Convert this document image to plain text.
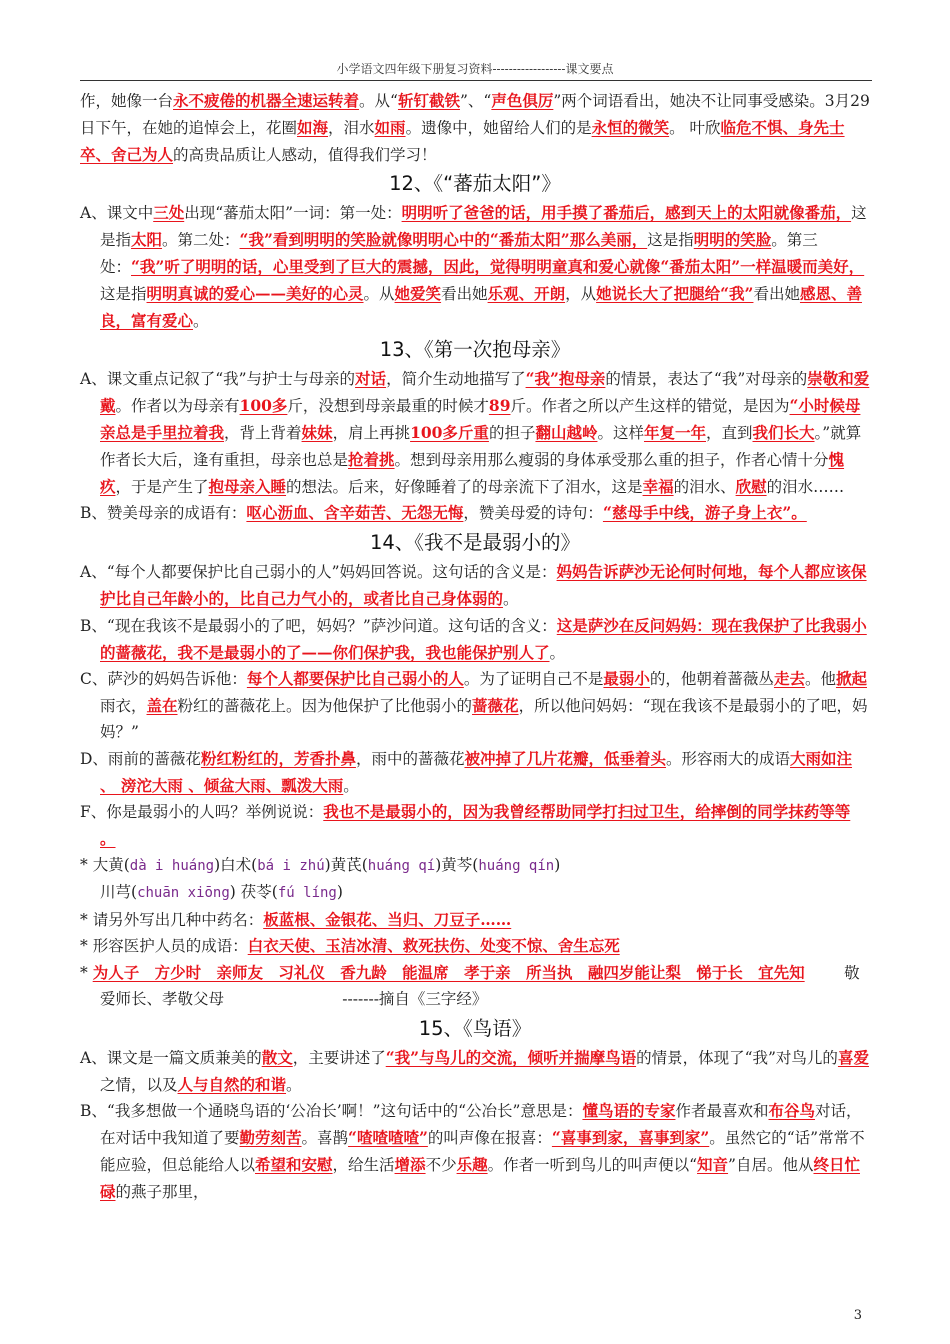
小学语文四年级下册复习资料------------------课文要点

作，她像一台永不疲倦的机器全速运转着。从“斩钉截铁”、“声色俱厉”两个词语看出，她决不让同事受感染。3月29日下午，在她的追悼会上，花圈如海，泪水如雨。遗像中，她留给人们的是永恒的微笑。 叶欣临危不惧、身先士卒、舍己为人的高贵品质让人感动，值得我们学习！

12、《“蕃茄太阳”》

A、课文中三处出现“蕃茄太阳”一词：第一处：明明听了爸爸的话，用手摸了番茄后，感到天上的太阳就像番茄，这是指太阳。第二处：“我”看到明明的笑脸就像明明心中的“番茄太阳”那么美丽，这是指明明的笑脸。第三处：“我”听了明明的话，心里受到了巨大的震撼，因此，觉得明明童真和爱心就像“番茄太阳”一样温暖而美好，这是指明明真诚的爱心——美好的心灵。从她爱笑看出她乐观、开朗，从她说长大了把腿给“我”看出她感恩、善良，富有爱心。

13、《第一次抱母亲》

A、课文重点记叙了“我”与护士与母亲的对话，简介生动地描写了“我”抱母亲的情景，表达了“我”对母亲的崇敬和爱戴。作者以为母亲有100多斤，没想到母亲最重的时候才89斤。作者之所以产生这样的错觉，是因为“小时候母亲总是手里拉着我，背上背着妹妹，肩上再挑100多斤重的担子翻山越岭。这样年复一年，直到我们长大。”就算作者长大后，逢有重担，母亲也总是抢着挑。想到母亲用那么瘦弱的身体承受那么重的担子，作者心情十分愧疚，于是产生了抱母亲入睡的想法。后来，好像睡着了的母亲流下了泪水，这是幸福的泪水、欣慰的泪水……

B、赞美母亲的成语有：呕心沥血、含辛茹苦、无怨无悔，赞美母爱的诗句：“慈母手中线，游子身上衣”。

14、《我不是最弱小的》

A、“每个人都要保护比自己弱小的人”妈妈回答说。这句话的含义是：妈妈告诉萨沙无论何时何地，每个人都应该保护比自己年龄小的，比自己力气小的，或者比自己身体弱的。

B、“现在我该不是最弱小的了吧，妈妈？”萨沙问道。这句话的含义：这是萨沙在反问妈妈：现在我保护了比我弱小的蔷薇花，我不是最弱小的了——你们保护我，我也能保护别人了。

C、萨沙的妈妈告诉他：每个人都要保护比自己弱小的人。为了证明自己不是最弱小的，他朝着蔷薇丛走去。他掀起雨衣，盖在粉红的蔷薇花上。因为他保护了比他弱小的蔷薇花，所以他问妈妈：“现在我该不是最弱小的了吧，妈妈？”

D、雨前的蔷薇花粉红粉红的，芳香扑鼻，雨中的蔷薇花被冲掉了几片花瓣，低垂着头。形容雨大的成语大雨如注 、 滂沱大雨 、倾盆大雨、瓢泼大雨。

F、你是最弱小的人吗？举例说说：我也不是最弱小的，因为我曾经帮助同学打扫过卫生，给摔倒的同学抹药等等 。

* 大黄(dà i huáng)白术(bá i zhú)黄芪(huáng qí)黄芩(huáng qín)
川芎(chuān xiōng) 茯苓(fú líng)

* 请另外写出几种中药名：板蓝根、金银花、当归、刀豆子……

* 形容医护人员的成语：白衣天使、玉洁冰清、救死扶伤、处变不惊、舍生忘死

* 为人子 方少时 亲师友 习礼仪 香九龄 能温席 孝于亲 所当执 融四岁能让梨 悌于长 宜先知	敬爱师长、孝敬父母	-------摘自《三字经》

15、《鸟语》

A、课文是一篇文质兼美的散文，主要讲述了“我”与鸟儿的交流，倾听并揣摩鸟语的情景，体现了“我”对鸟儿的喜爱之情，以及人与自然的和谐。

B、“我多想做一个通晓鸟语的‘公冶长’啊！”这句话中的“公冶长”意思是：懂鸟语的专家作者最喜欢和布谷鸟对话，在对话中我知道了要勤劳刻苦。喜鹊“喳喳喳喳”的叫声像在报喜：“喜事到家，喜事到家”。虽然它的“话”常常不能应验，但总能给人以希望和安慰，给生活增添不少乐趣。作者一听到鸟儿的叫声便以“知音”自居。他从终日忙碌的燕子那里，

3
